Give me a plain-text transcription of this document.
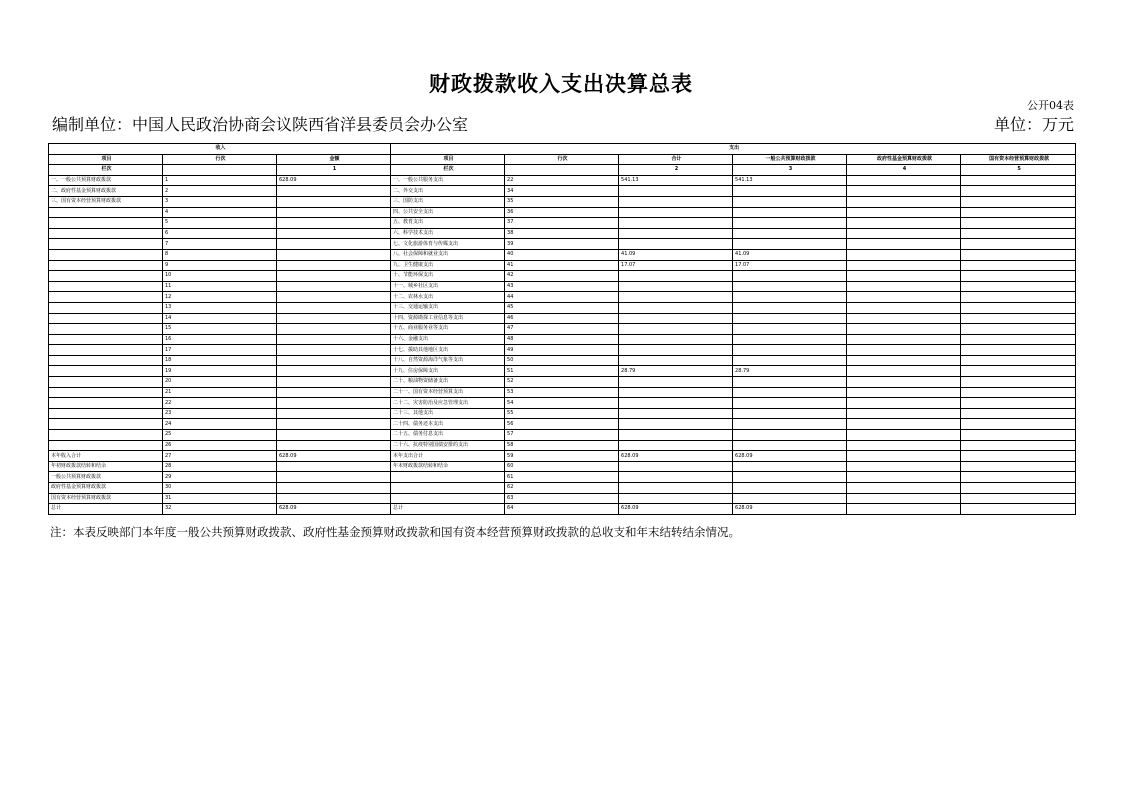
财政拨款收入支出决算总表
公开04表
编制单位：中国人民政治协商会议陕西省洋县委员会办公室	单位：万元
收入			支出					
项目	行次	金额	项目	行次	合计	一般公共预算财政拨款	政府性基金预算财政拨款	国有资本经营预算财政拨款
栏次		1	栏次		2	3	4	5
一、一般公共预算财政拨款	1	628.09	一、一般公共服务支出	22	541.13	541.13		
二、政府性基金预算财政拨款	2		二、外交支出	34				
三、国有资本经营预算财政拨款	3		三、国防支出	35				
	4		四、公共安全支出	36				
	5		五、教育支出	37				
	6		六、科学技术支出	38				
	7		七、文化旅游体育与传媒支出	39				
	8		八、社会保障和就业支出	40	41.09	41.09		
	9		九、卫生健康支出	41	17.07	17.07		
	10		十、节能环保支出	42				
	11		十一、城乡社区支出	43				
	12		十二、农林水支出	44				
	13		十三、交通运输支出	45				
	14		十四、资源勘探工业信息等支出	46				
	15		十五、商业服务业等支出	47				
	16		十六、金融支出	48				
	17		十七、援助其他地区支出	49				
	18		十八、自然资源海洋气象等支出	50				
	19		十九、住房保障支出	51	28.79	28.79		
	20		二十、粮油物资储备支出	52				
	21		二十一、国有资本经营预算支出	53				
	22		二十二、灾害防治及应急管理支出	54				
	23		二十三、其他支出	55				
	24		二十四、债务还本支出	56				
	25		二十五、债务付息支出	57				
	26		二十六、抗疫特别国债安排的支出	58				
本年收入合计	27	628.09	本年支出合计	59	628.09	628.09		
年初财政拨款结转和结余	28		年末财政拨款结转和结余	60				
一般公共预算财政拨款	29			61				
政府性基金预算财政拨款	30			62				
国有资本经营预算财政拨款	31			63				
总计	32	628.09	总计	64	628.09	628.09		
注：本表反映部门本年度一般公共预算财政拨款、政府性基金预算财政拨款和国有资本经营预算财政拨款的总收支和年末结转结余情况。
